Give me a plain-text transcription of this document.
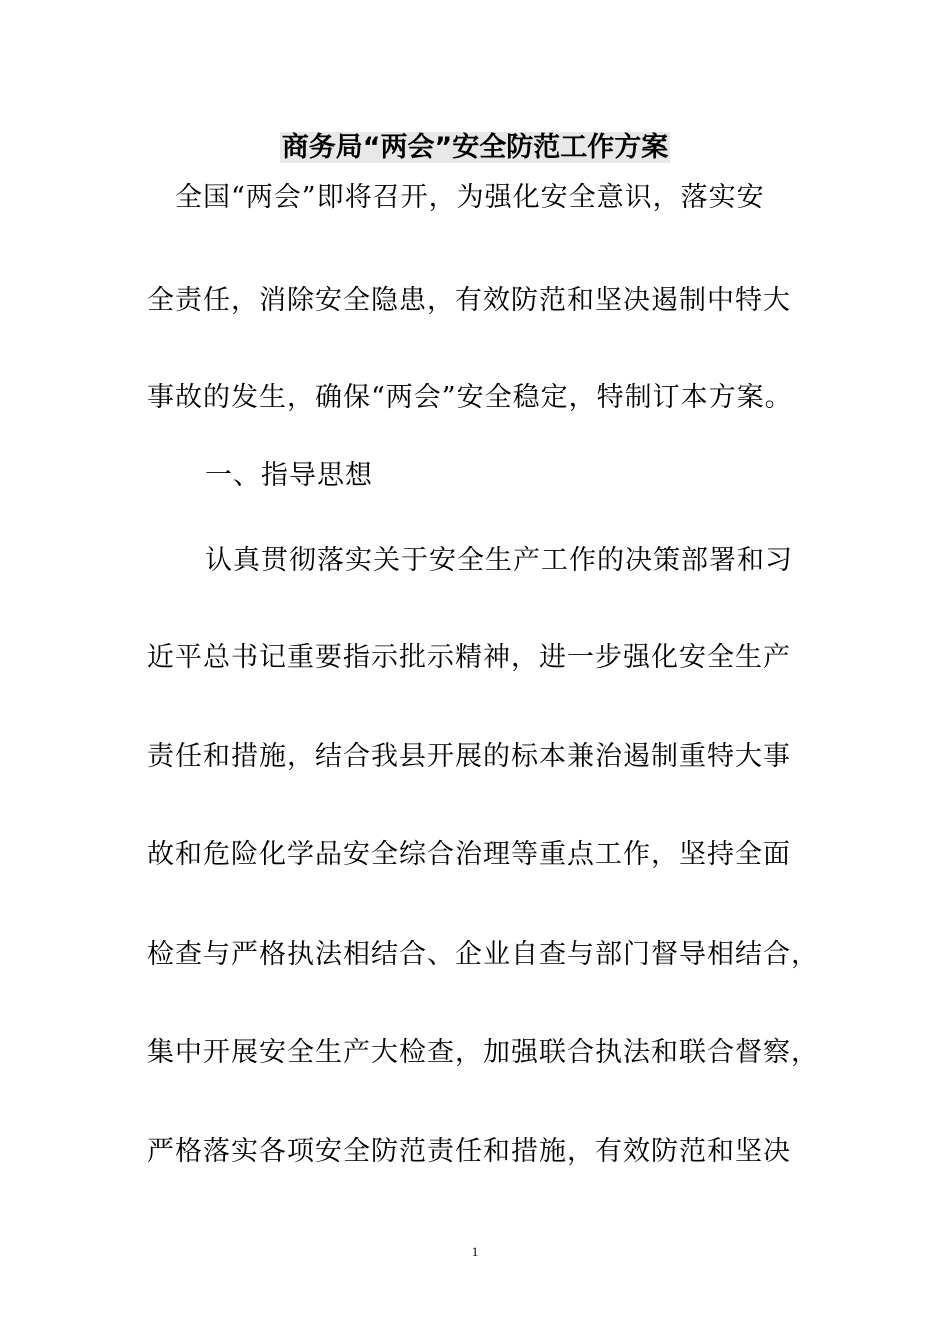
商务局“两会”安全防范工作方案
全国“两会”即将召开，为强化安全意识，落实安
全责任，消除安全隐患，有效防范和坚决遏制中特大
事故的发生，确保“两会”安全稳定，特制订本方案。
一、指导思想
认真贯彻落实关于安全生产工作的决策部署和习
近平总书记重要指示批示精神，进一步强化安全生产
责任和措施，结合我县开展的标本兼治遏制重特大事
故和危险化学品安全综合治理等重点工作，坚持全面
检查与严格执法相结合、企业自查与部门督导相结合，
集中开展安全生产大检查，加强联合执法和联合督察，
严格落实各项安全防范责任和措施，有效防范和坚决
1
